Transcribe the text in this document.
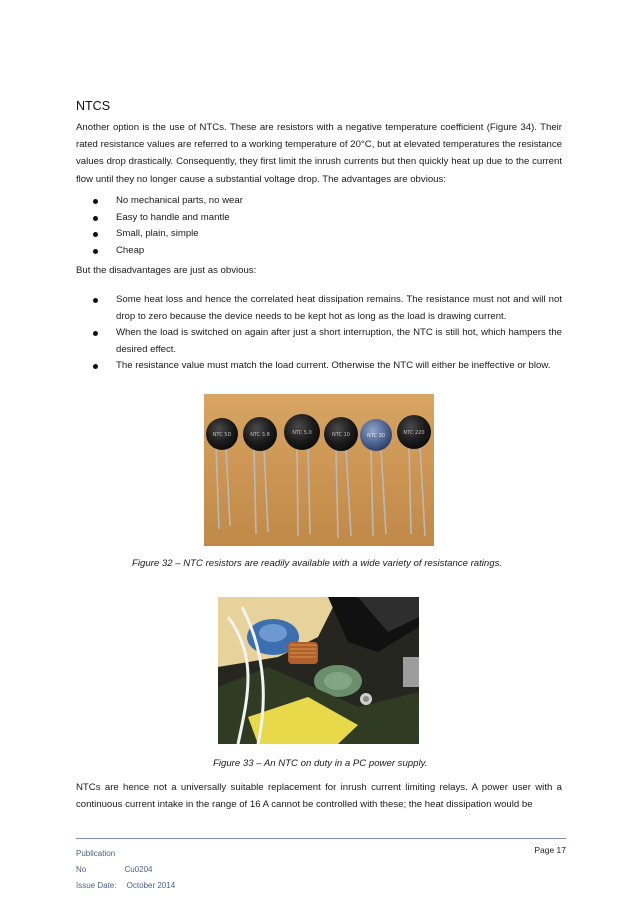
NTCS
Another option is the use of NTCs. These are resistors with a negative temperature coefficient (Figure 34). Their rated resistance values are referred to a working temperature of 20°C, but at elevated temperatures the resistance values drop drastically. Consequently, they first limit the inrush currents but then quickly heat up due to the current flow until they no longer cause a substantial voltage drop. The advantages are obvious:
No mechanical parts, no wear
Easy to handle and mantle
Small, plain, simple
Cheap
But the disadvantages are just as obvious:
Some heat loss and hence the correlated heat dissipation remains. The resistance must not and will not drop to zero because the device needs to be kept hot as long as the load is drawing current.
When the load is switched on again after just a short interruption, the NTC is still hot, which hampers the desired effect.
The resistance value must match the load current. Otherwise the NTC will either be ineffective or blow.
NTC 5D	NTC 3.8	NTC 5.0	NTC 10	NTC 30	NTC 220
Figure 32 – NTC resistors are readily available with a wide variety of resistance ratings.
Figure 33 – An NTC on duty in a PC power supply.
NTCs are hence not a universally suitable replacement for inrush current limiting relays. A power user with a continuous current intake in the range of 16 A cannot be controlled with these; the heat dissipation would be
Publication No	Cu0204
Issue Date: October 2014
Page 17
